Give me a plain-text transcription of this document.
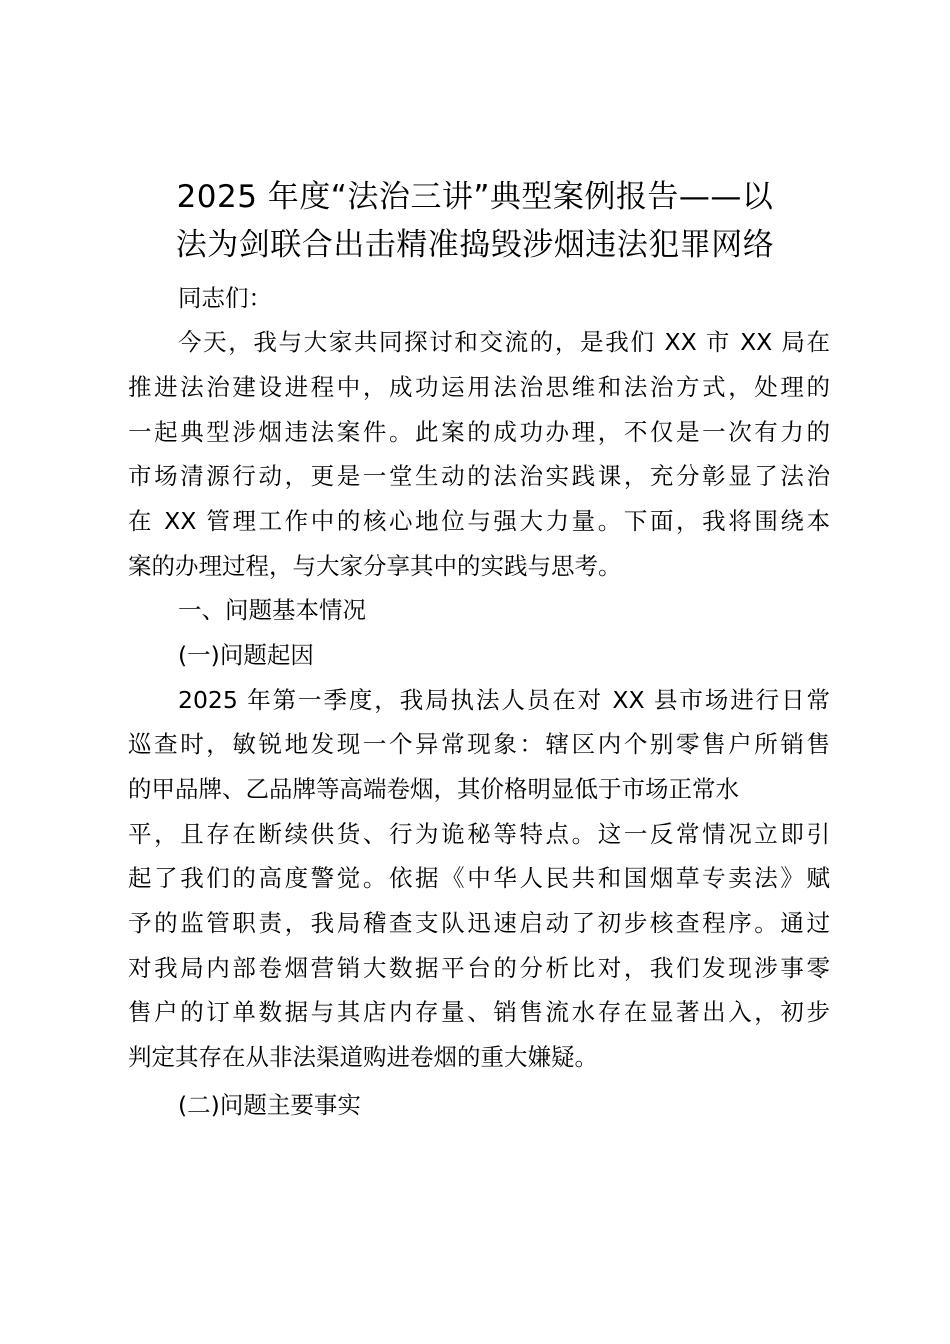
2025 年度“法治三讲”典型案例报告——以
法为剑联合出击精准捣毁涉烟违法犯罪网络
同志们：
今天，我与大家共同探讨和交流的，是我们 XX 市 XX 局在
推进法治建设进程中，成功运用法治思维和法治方式，处理的
一起典型涉烟违法案件。此案的成功办理，不仅是一次有力的
市场清源行动，更是一堂生动的法治实践课，充分彰显了法治
在 XX 管理工作中的核心地位与强大力量。下面，我将围绕本
案的办理过程，与大家分享其中的实践与思考。
一、问题基本情况
(一)问题起因
2025 年第一季度，我局执法人员在对 XX 县市场进行日常
巡查时，敏锐地发现一个异常现象：辖区内个别零售户所销售
的甲品牌、乙品牌等高端卷烟，其价格明显低于市场正常水
平，且存在断续供货、行为诡秘等特点。这一反常情况立即引
起了我们的高度警觉。依据《中华人民共和国烟草专卖法》赋
予的监管职责，我局稽查支队迅速启动了初步核查程序。通过
对我局内部卷烟营销大数据平台的分析比对，我们发现涉事零
售户的订单数据与其店内存量、销售流水存在显著出入，初步
判定其存在从非法渠道购进卷烟的重大嫌疑。
(二)问题主要事实
